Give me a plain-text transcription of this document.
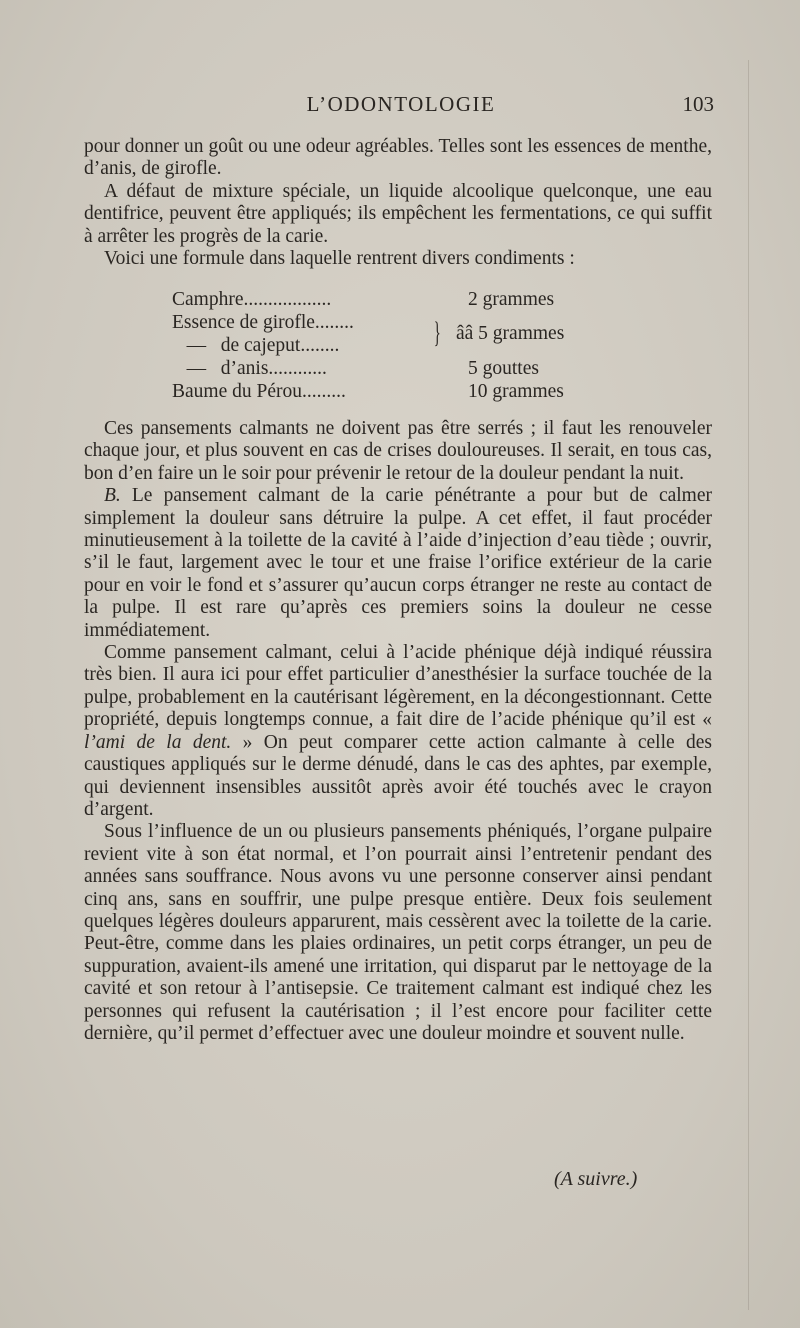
L’ODONTOLOGIE	103

pour donner un goût ou une odeur agréables. Telles sont les essences de menthe, d’anis, de girofle.

A défaut de mixture spéciale, un liquide alcoolique quelconque, une eau dentifrice, peuvent être appliqués; ils empêchent les fermentations, ce qui suffit à arrêter les progrès de la carie.

Voici une formule dans laquelle rentrent divers condiments :

Camphre..................	2 grammes
Essence de girofle........
—   de cajeput........	} ââ 5 grammes
—   d’anis............	5 gouttes
Baume du Pérou.........	10 grammes

Ces pansements calmants ne doivent pas être serrés ; il faut les renouveler chaque jour, et plus souvent en cas de crises douloureuses. Il serait, en tous cas, bon d’en faire un le soir pour prévenir le retour de la douleur pendant la nuit.

B. Le pansement calmant de la carie pénétrante a pour but de calmer simplement la douleur sans détruire la pulpe. A cet effet, il faut procéder minutieusement à la toilette de la cavité à l’aide d’injection d’eau tiède ; ouvrir, s’il le faut, largement avec le tour et une fraise l’orifice extérieur de la carie pour en voir le fond et s’assurer qu’aucun corps étranger ne reste au contact de la pulpe. Il est rare qu’après ces premiers soins la douleur ne cesse immédiatement.

Comme pansement calmant, celui à l’acide phénique déjà indiqué réussira très bien. Il aura ici pour effet particulier d’anesthésier la surface touchée de la pulpe, probablement en la cautérisant légèrement, en la décongestionnant. Cette propriété, depuis longtemps connue, a fait dire de l’acide phénique qu’il est « l’ami de la dent. » On peut comparer cette action calmante à celle des caustiques appliqués sur le derme dénudé, dans le cas des aphtes, par exemple, qui deviennent insensibles aussitôt après avoir été touchés avec le crayon d’argent.

Sous l’influence de un ou plusieurs pansements phéniqués, l’organe pulpaire revient vite à son état normal, et l’on pourrait ainsi l’entretenir pendant des années sans souffrance. Nous avons vu une personne conserver ainsi pendant cinq ans, sans en souffrir, une pulpe presque entière. Deux fois seulement quelques légères douleurs apparurent, mais cessèrent avec la toilette de la carie. Peut-être, comme dans les plaies ordinaires, un petit corps étranger, un peu de suppuration, avaient-ils amené une irritation, qui disparut par le nettoyage de la cavité et son retour à l’antisepsie. Ce traitement calmant est indiqué chez les personnes qui refusent la cautérisation ; il l’est encore pour faciliter cette dernière, qu’il permet d’effectuer avec une douleur moindre et souvent nulle.

(A suivre.)
